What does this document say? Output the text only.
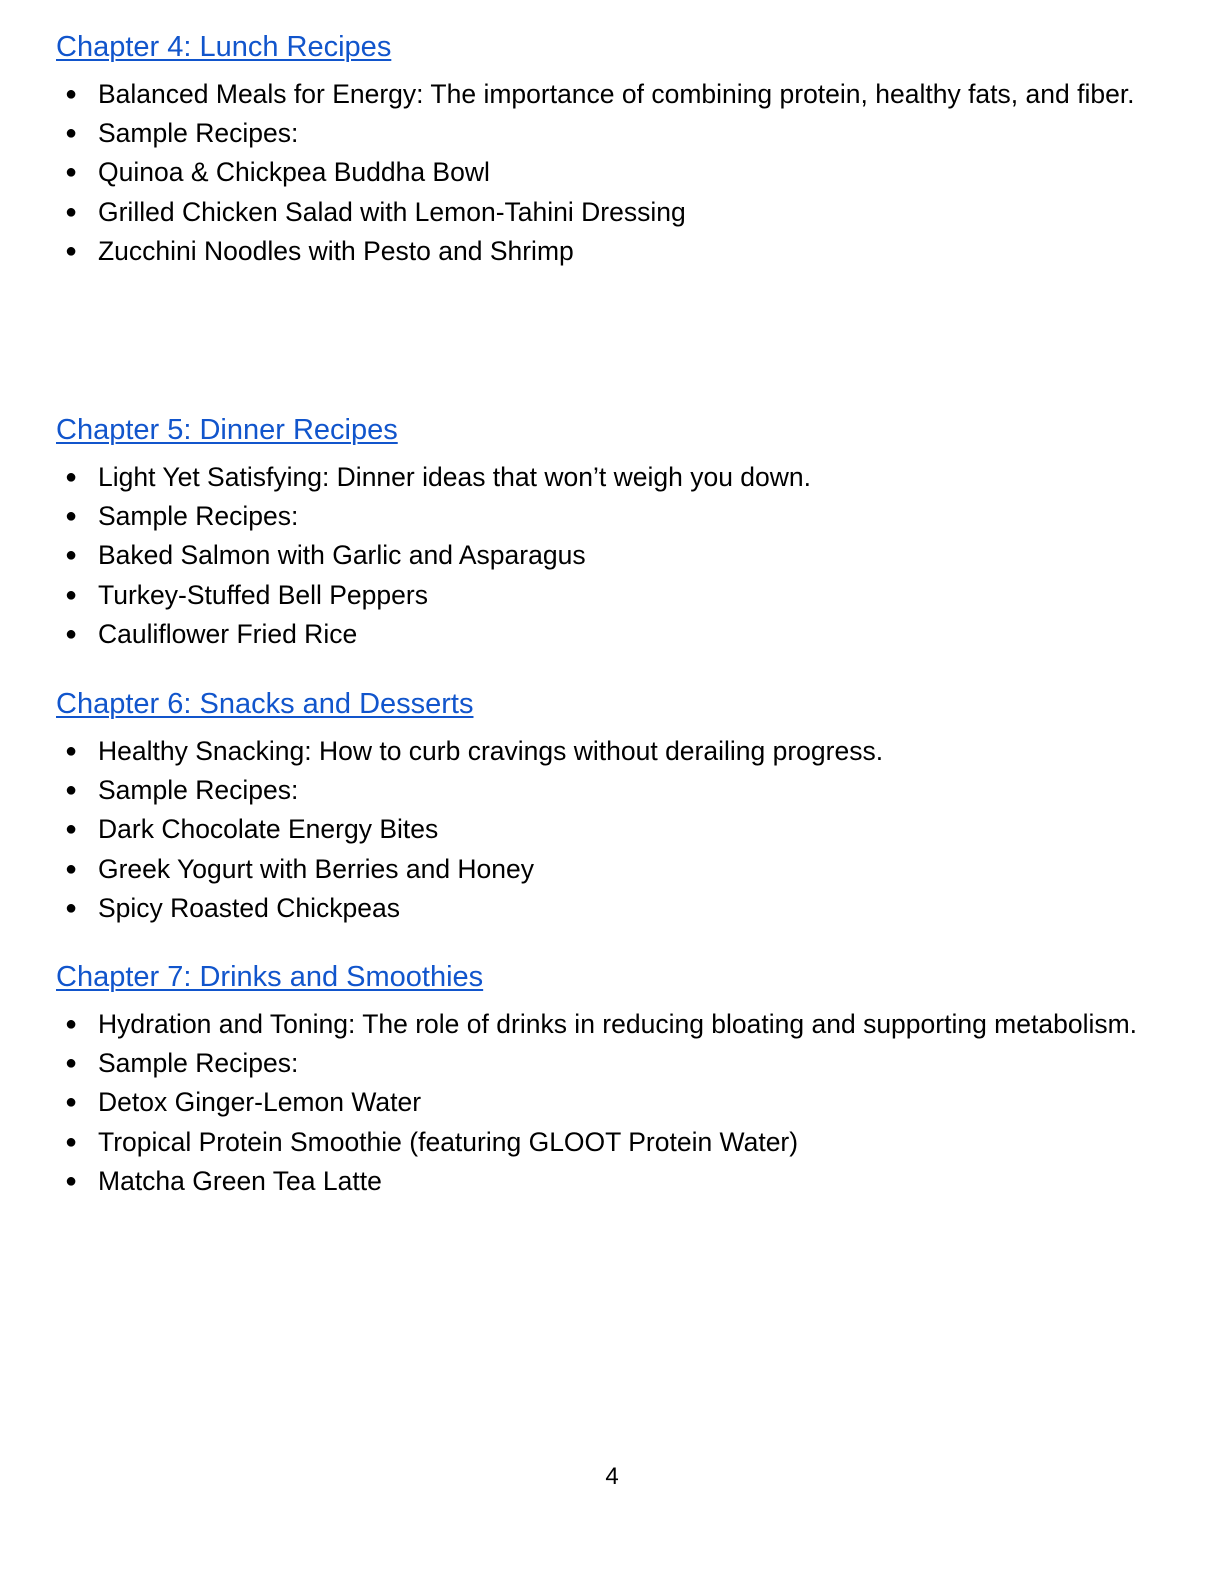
Chapter 4: Lunch Recipes
● Balanced Meals for Energy: The importance of combining protein, healthy fats, and fiber.
● Sample Recipes:
● Quinoa & Chickpea Buddha Bowl
● Grilled Chicken Salad with Lemon-Tahini Dressing
● Zucchini Noodles with Pesto and Shrimp
Chapter 5: Dinner Recipes
● Light Yet Satisfying: Dinner ideas that won’t weigh you down.
● Sample Recipes:
● Baked Salmon with Garlic and Asparagus
● Turkey-Stuffed Bell Peppers
● Cauliflower Fried Rice
Chapter 6: Snacks and Desserts
● Healthy Snacking: How to curb cravings without derailing progress.
● Sample Recipes:
● Dark Chocolate Energy Bites
● Greek Yogurt with Berries and Honey
● Spicy Roasted Chickpeas
Chapter 7: Drinks and Smoothies
● Hydration and Toning: The role of drinks in reducing bloating and supporting metabolism.
● Sample Recipes:
● Detox Ginger-Lemon Water
● Tropical Protein Smoothie (featuring GLOOT Protein Water)
● Matcha Green Tea Latte
4
